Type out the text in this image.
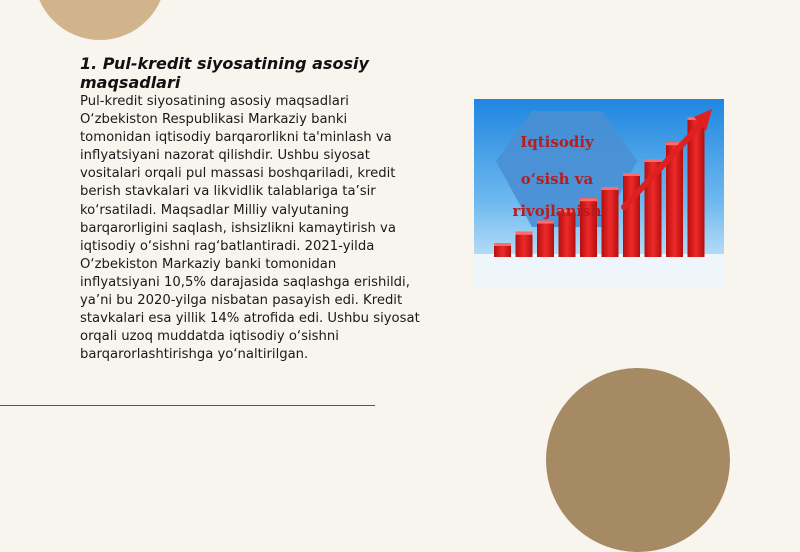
1. Pul-kredit siyosatining asosiy maqsadlari

Pul-kredit siyosatining asosiy maqsadlari O‘zbekiston Respublikasi Markaziy banki tomonidan iqtisodiy barqarorlikni ta'minlash va inflyatsiyani nazorat qilishdir. Ushbu siyosat vositalari orqali pul massasi boshqariladi, kredit berish stavkalari va likvidlik talablariga ta’sir ko‘rsatiladi. Maqsadlar Milliy valyutaning barqarorligini saqlash, ishsizlikni kamaytirish va iqtisodiy o‘sishni rag‘batlantiradi. 2021-yilda O‘zbekiston Markaziy banki tomonidan inflyatsiyani 10,5% darajasida saqlashga erishildi, ya’ni bu 2020-yilga nisbatan pasayish edi. Kredit stavkalari esa yillik 14% atrofida edi. Ushbu siyosat orqali uzoq muddatda iqtisodiy o‘sishni barqarorlashtirishga yo‘naltirilgan.

Iqtisodiy
o‘sish va
rivojlanish
